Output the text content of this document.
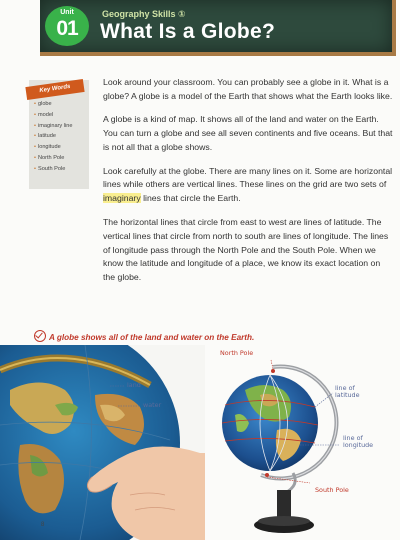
Unit
01
Geography Skills ①
What Is a Globe?
Key Words
• globe
• model
• imaginary line
• latitude
• longitude
• North Pole
• South Pole

Look around your classroom. You can probably see a globe in it. What is a globe? A globe is a model of the Earth that shows what the Earth looks like.

A globe is a kind of map. It shows all of the land and water on the Earth. You can turn a globe and see all seven continents and five oceans. But that is not all that a globe shows.

Look carefully at the globe. There are many lines on it. Some are horizontal lines while others are vertical lines. These lines on the grid are two sets of imaginary lines that circle the Earth.

The horizontal lines that circle from east to west are lines of latitude. The vertical lines that circle from north to south are lines of longitude. The lines of longitude pass through the North Pole and the South Pole. When we know the latitude and longitude of a place, we know its exact location on the globe.

A globe shows all of the land and water on the Earth.
land
water
North Pole
line of
latitude
line of
longitude
South Pole
8
